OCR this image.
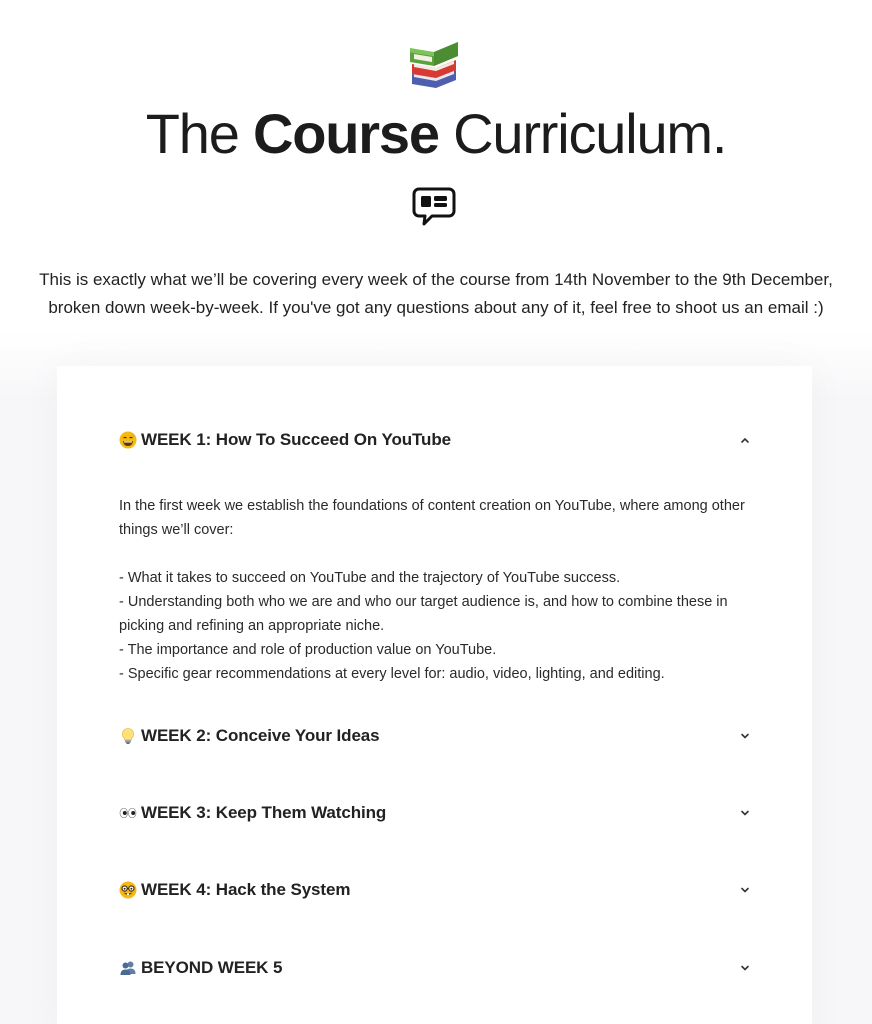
The Course Curriculum.

This is exactly what we’ll be covering every week of the course from 14th November to the 9th December,
broken down week-by-week. If you've got any questions about any of it, feel free to shoot us an email :)

WEEK 1: How To Succeed On YouTube

In the first week we establish the foundations of content creation on YouTube, where among other things we’ll cover:

- What it takes to succeed on YouTube and the trajectory of YouTube success.

- Understanding both who we are and who our target audience is, and how to combine these in picking and refining an appropriate niche.

- The importance and role of production value on YouTube.

- Specific gear recommendations at every level for: audio, video, lighting, and editing.

WEEK 2: Conceive Your Ideas
WEEK 3: Keep Them Watching
WEEK 4: Hack the System
BEYOND WEEK 5
